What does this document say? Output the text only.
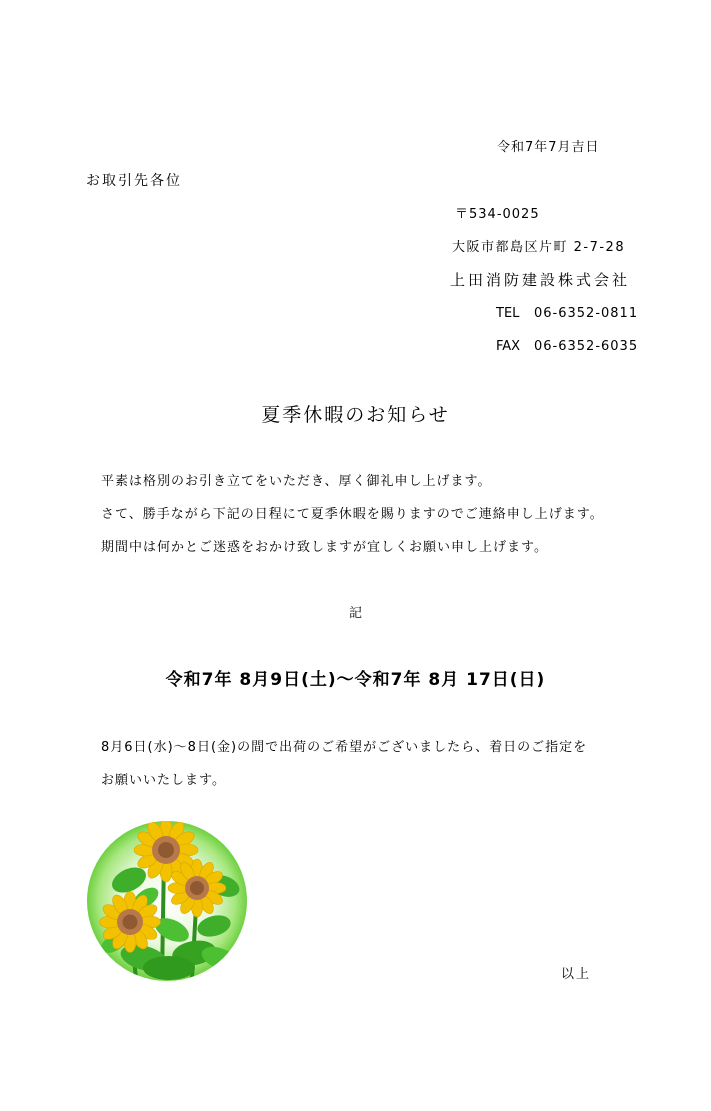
令和7年7月吉日
お取引先各位
〒534-0025
大阪市都島区片町 2-7-28
上田消防建設株式会社
TEL 06-6352-0811
FAX 06-6352-6035
夏季休暇のお知らせ
平素は格別のお引き立てをいただき、厚く御礼申し上げます。
さて、勝手ながら下記の日程にて夏季休暇を賜りますのでご連絡申し上げます。
期間中は何かとご迷惑をおかけ致しますが宜しくお願い申し上げます。
記
令和7年 8月9日(土)～令和7年 8月 17日(日)
8月6日(水)～8日(金)の間で出荷のご希望がございましたら、着日のご指定を
お願いいたします。
以上
